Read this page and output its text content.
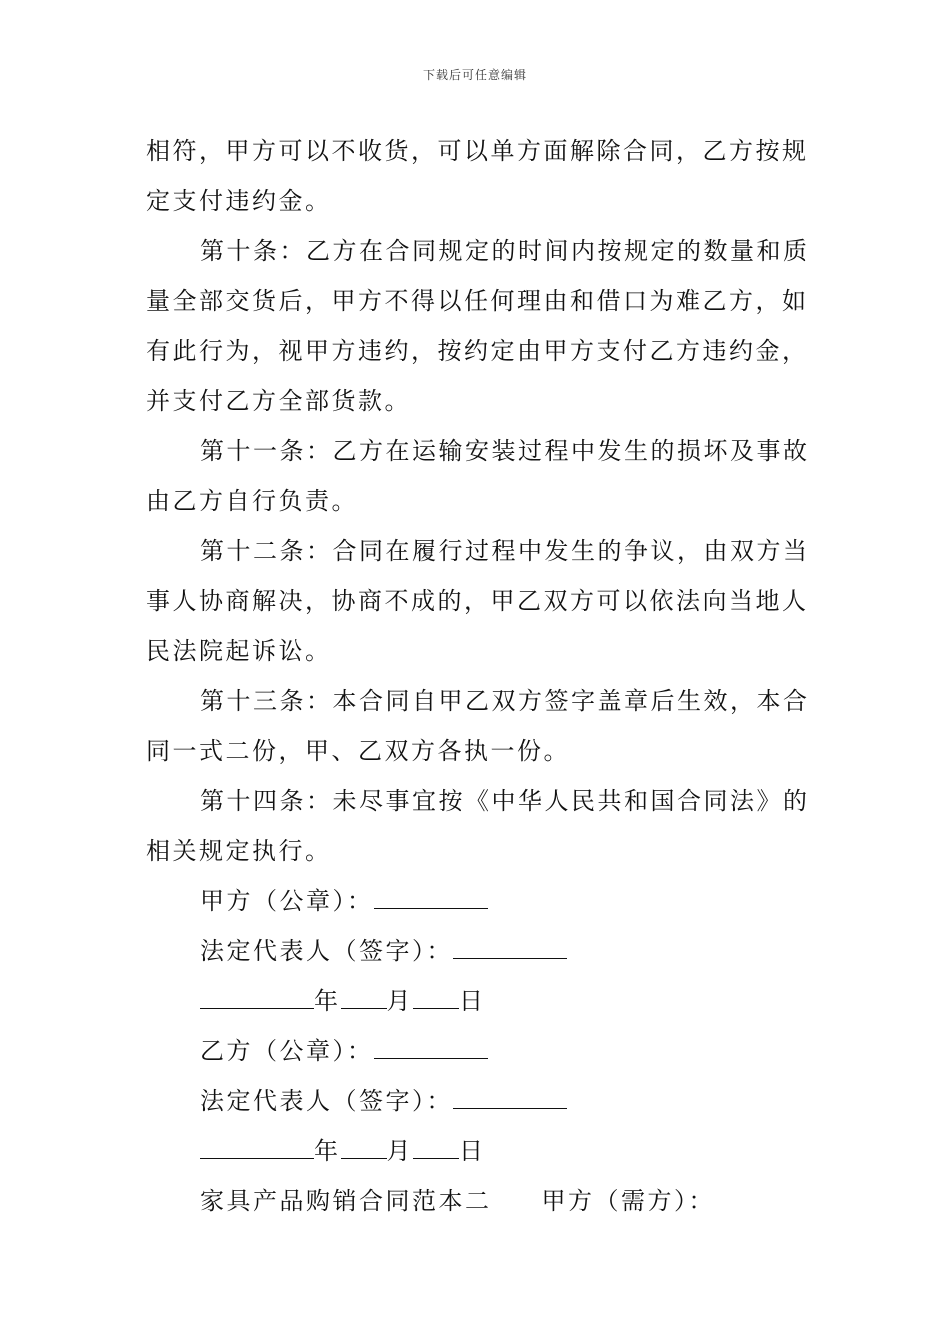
下载后可任意编辑

相符，甲方可以不收货，可以单方面解除合同，乙方按规

定支付违约金。

第十条：乙方在合同规定的时间内按规定的数量和质

量全部交货后，甲方不得以任何理由和借口为难乙方，如

有此行为，视甲方违约，按约定由甲方支付乙方违约金，

并支付乙方全部货款。

第十一条：乙方在运输安装过程中发生的损坏及事故

由乙方自行负责。

第十二条：合同在履行过程中发生的争议，由双方当

事人协商解决，协商不成的，甲乙双方可以依法向当地人

民法院起诉讼。

第十三条：本合同自甲乙双方签字盖章后生效，本合

同一式二份，甲、乙双方各执一份。

第十四条：未尽事宜按《中华人民共和国合同法》的

相关规定执行。

甲方（公章）：

法定代表人（签字）：

年 月 日

乙方（公章）：

法定代表人（签字）：

年 月 日

家具产品购销合同范本二 甲方（需方）：
